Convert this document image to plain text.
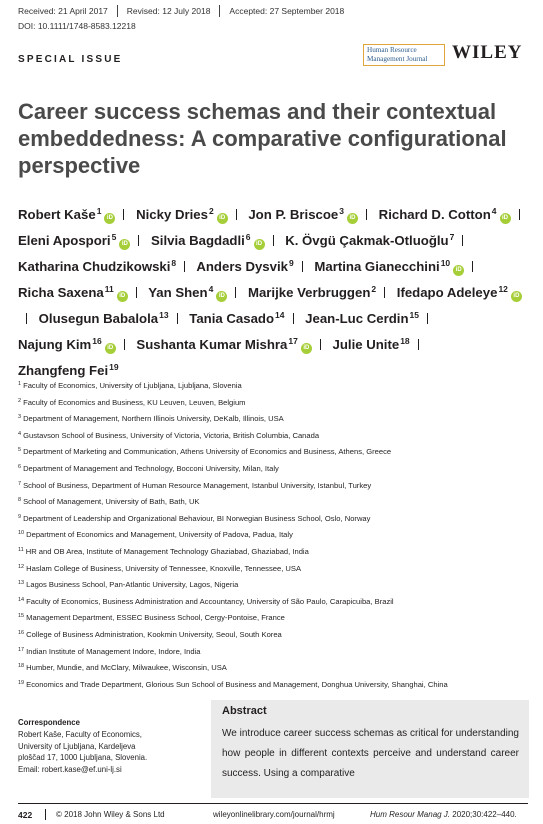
Received: 21 April 2017 Revised: 12 July 2018 Accepted: 27 September 2018
DOI: 10.1111/1748-8583.12218
SPECIAL ISSUE
Human Resource
Management Journal	WILEY
Career success schemas and their contextual embeddedness: A comparative configurational perspective
Robert Kaše$^1$iD Nicky Dries$^2$iD Jon P. Briscoe$^3$iD Richard D. Cotton$^4$iD Eleni Apospori$^5$iD Silvia Bagdadli$^6$iD K. Övgü Çakmak-Otluoğlu$^7$ Katharina Chudzikowski$^8$ Anders Dysvik$^9$ Martina Gianecchini$^{10}$iD Richa Saxena$^{11}$iD Yan Shen$^4$iD Marijke Verbruggen$^2$ Ifedapo Adeleye$^{12}$iD Olusegun Babalola$^{13}$ Tania Casado$^{14}$ Jean-Luc Cerdin$^{15}$ Najung Kim$^{16}$iD Sushanta Kumar Mishra$^{17}$iD Julie Unite$^{18}$ Zhangfeng Fei$^{19}$
$^1$ Faculty of Economics, University of Ljubljana, Ljubljana, Slovenia
$^2$ Faculty of Economics and Business, KU Leuven, Leuven, Belgium
$^3$ Department of Management, Northern Illinois University, DeKalb, Illinois, USA
$^4$ Gustavson School of Business, University of Victoria, Victoria, British Columbia, Canada
$^5$ Department of Marketing and Communication, Athens University of Economics and Business, Athens, Greece
$^6$ Department of Management and Technology, Bocconi University, Milan, Italy
$^7$ School of Business, Department of Human Resource Management, Istanbul University, Istanbul, Turkey
$^8$ School of Management, University of Bath, Bath, UK
$^9$ Department of Leadership and Organizational Behaviour, BI Norwegian Business School, Oslo, Norway
$^{10}$ Department of Economics and Management, University of Padova, Padua, Italy
$^{11}$ HR and OB Area, Institute of Management Technology Ghaziabad, Ghaziabad, India
$^{12}$ Haslam College of Business, University of Tennessee, Knoxville, Tennessee, USA
$^{13}$ Lagos Business School, Pan-Atlantic University, Lagos, Nigeria
$^{14}$ Faculty of Economics, Business Administration and Accountancy, University of São Paulo, Carapicuiba, Brazil
$^{15}$ Management Department, ESSEC Business School, Cergy-Pontoise, France
$^{16}$ College of Business Administration, Kookmin University, Seoul, South Korea
$^{17}$ Indian Institute of Management Indore, Indore, India
$^{18}$ Humber, Mundie, and McClary, Milwaukee, Wisconsin, USA
$^{19}$ Economics and Trade Department, Glorious Sun School of Business and Management, Donghua University, Shanghai, China
Correspondence
Robert Kaše, Faculty of Economics,
University of Ljubljana, Kardeljeva
ploščad 17, 1000 Ljubljana, Slovenia.
Email: robert.kase@ef.uni-lj.si
Abstract
We introduce career success schemas as critical for understanding how people in different contexts perceive and understand career success. Using a comparative
422	© 2018 John Wiley & Sons Ltd	wileyonlinelibrary.com/journal/hrmj	Hum Resour Manag J. 2020;30:422–440.
